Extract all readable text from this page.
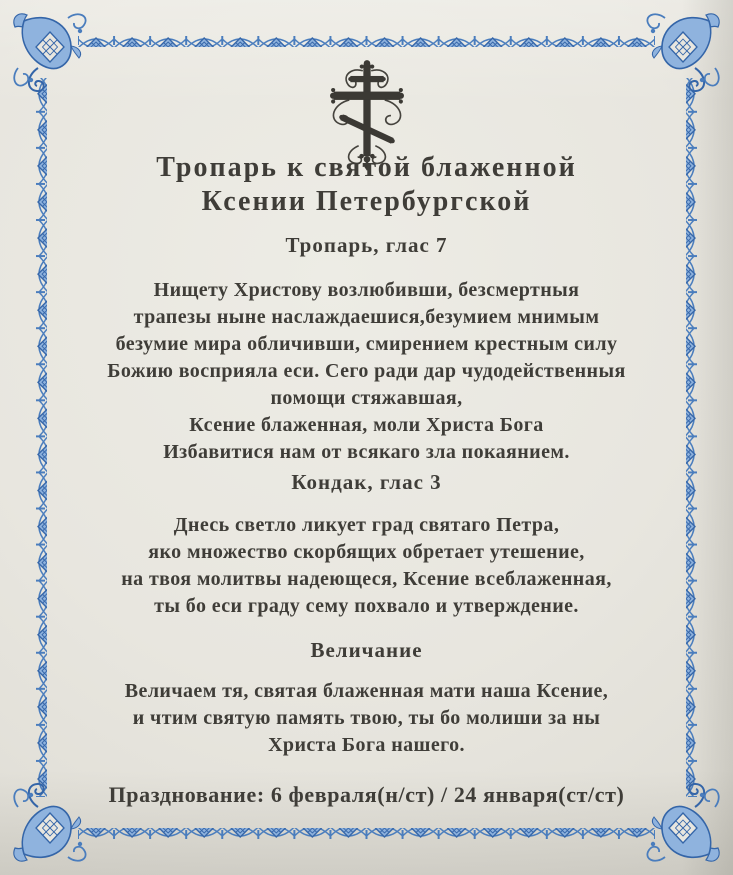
Тропарь к святой блаженной
Ксении Петербургской
Тропарь, глас 7
Нищету Христову возлюбивши, безсмертныя
трапезы ныне наслаждаешися,безумием мнимым
безумие мира обличивши, смирением крестным силу
Божию восприяла еси. Сего ради дар чудодейственныя
помощи стяжавшая,
Ксение блаженная, моли Христа Бога
Избавитися нам от всякаго зла покаянием.
Кондак, глас 3
Днесь светло ликует град святаго Петра,
яко множество скорбящих обретает утешение,
на твоя молитвы надеющеся, Ксение всеблаженная,
ты бо еси граду сему похвало и утверждение.
Величание
Величаем тя, святая блаженная мати наша Ксение,
и чтим святую память твою, ты бо молиши за ны
Христа Бога нашего.
Празднование: 6 февраля(н/ст) / 24 января(ст/ст)
